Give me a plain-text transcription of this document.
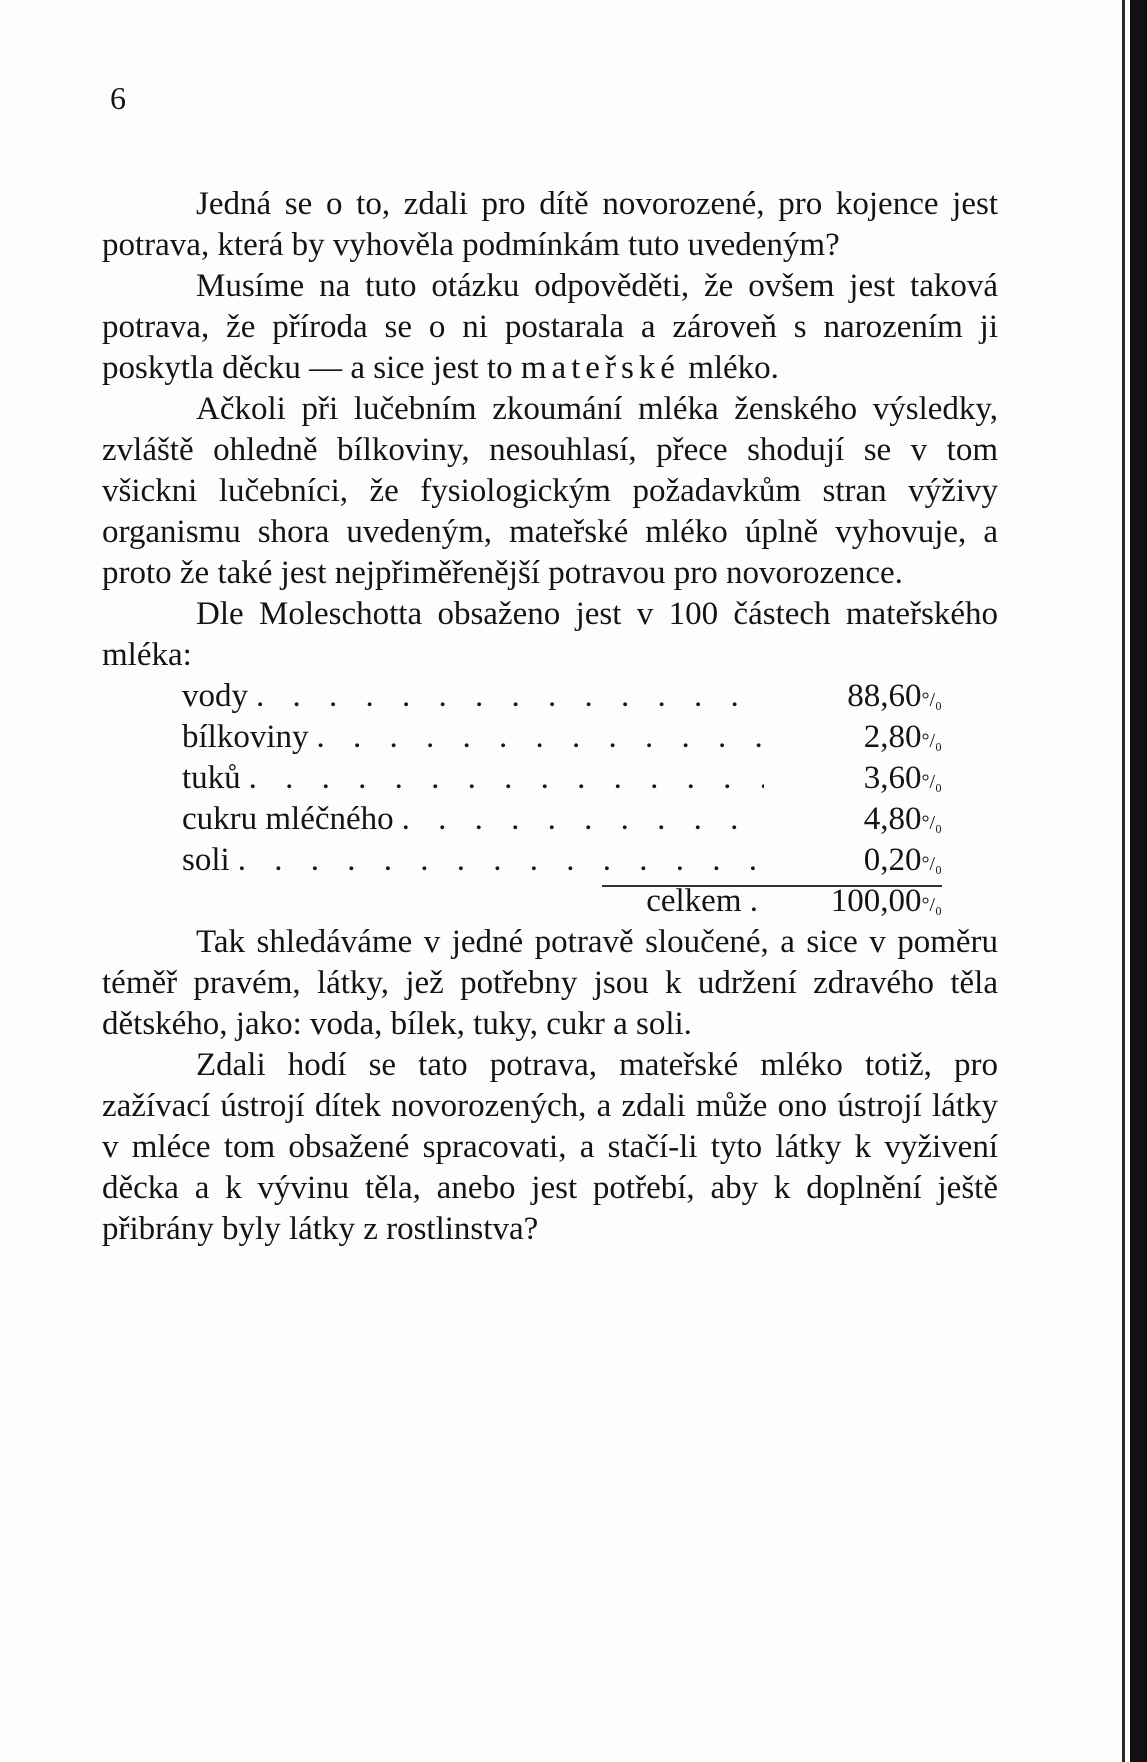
6

Jedná se o to, zdali pro dítě novorozené, pro kojence jest potrava, která by vyhověla podmínkám tuto uvedeným?

Musíme na tuto otázku odpověděti, že ovšem jest taková potrava, že příroda se o ni postarala a zároveň s narozením ji poskytla děcku — a sice jest to mateřské mléko.

Ačkoli při lučebním zkoumání mléka ženského výsledky, zvláště ohledně bílkoviny, nesouhlasí, přece shodují se v tom všickni lučebníci, že fysiologickým požadavkům stran výživy organismu shora uvedeným, mateřské mléko úplně vyhovuje, a proto že také jest nejpřiměřenější potravou pro novorozence.

Dle Moleschotta obsaženo jest v 100 částech mateřského mléka:

vody . . .	88,60°/₀
bílkoviny . . .	2,80°/₀
tuků . . .	3,60°/₀
cukru mléčného . . .	4,80°/₀
soli . . .	0,20°/₀
celkem .	100,00°/₀

Tak shledáváme v jedné potravě sloučené, a sice v poměru téměř pravém, látky, jež potřebny jsou k udržení zdravého těla dětského, jako: voda, bílek, tuky, cukr a soli.

Zdali hodí se tato potrava, mateřské mléko totiž, pro zažívací ústrojí dítek novorozených, a zdali může ono ústrojí látky v mléce tom obsažené spracovati, a stačí-li tyto látky k vyživení děcka a k vývinu těla, anebo jest potřebí, aby k doplnění ještě přibrány byly látky z rostlinstva?
